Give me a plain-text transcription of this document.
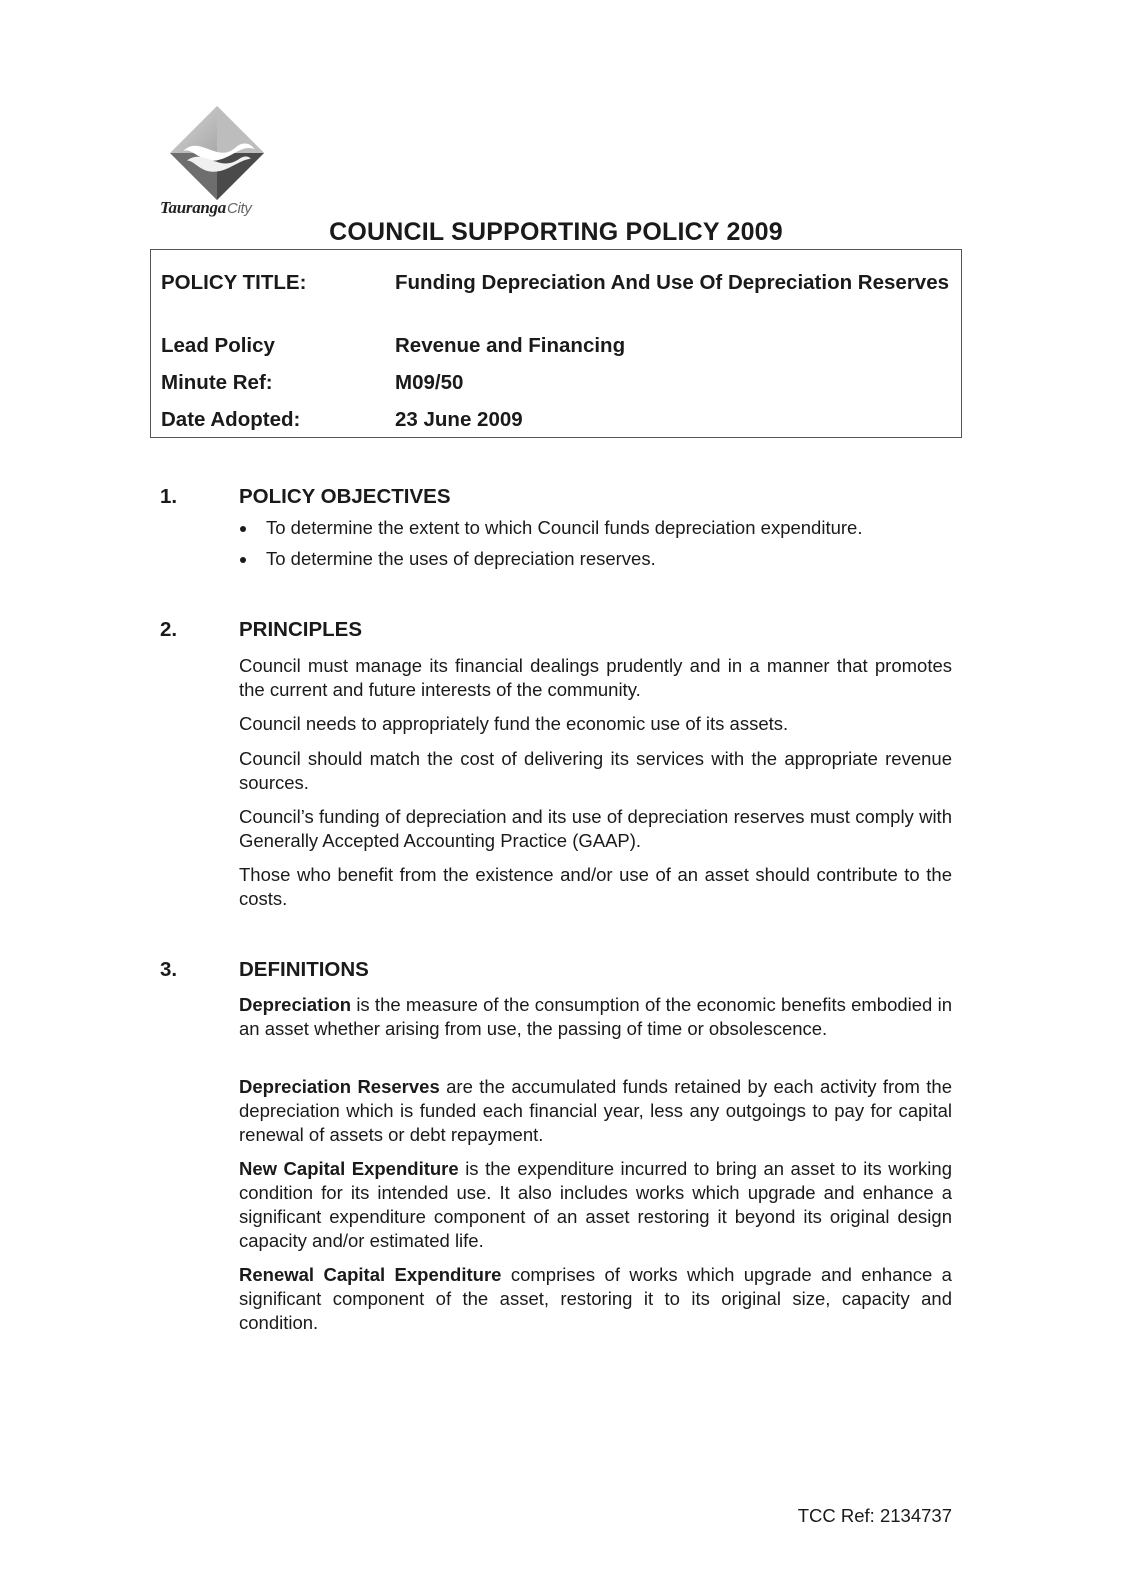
TaurangaCity
COUNCIL SUPPORTING POLICY 2009
POLICY TITLE:	Funding Depreciation And Use Of Depreciation Reserves
Lead Policy	Revenue and Financing
Minute Ref:	M09/50
Date Adopted:	23 June 2009
1.	POLICY OBJECTIVES
To determine the extent to which Council funds depreciation expenditure.
To determine the uses of depreciation reserves.
2.	PRINCIPLES
Council must manage its financial dealings prudently and in a manner that promotes the current and future interests of the community.
Council needs to appropriately fund the economic use of its assets.
Council should match the cost of delivering its services with the appropriate revenue sources.
Council’s funding of depreciation and its use of depreciation reserves must comply with Generally Accepted Accounting Practice (GAAP).
Those who benefit from the existence and/or use of an asset should contribute to the costs.
3.	DEFINITIONS
Depreciation is the measure of the consumption of the economic benefits embodied in an asset whether arising from use, the passing of time or obsolescence.
Depreciation Reserves are the accumulated funds retained by each activity from the depreciation which is funded each financial year, less any outgoings to pay for capital renewal of assets or debt repayment.
New Capital Expenditure is the expenditure incurred to bring an asset to its working condition for its intended use. It also includes works which upgrade and enhance a significant expenditure component of an asset restoring it beyond its original design capacity and/or estimated life.
Renewal Capital Expenditure comprises of works which upgrade and enhance a significant component of the asset, restoring it to its original size, capacity and condition.
TCC Ref: 2134737
